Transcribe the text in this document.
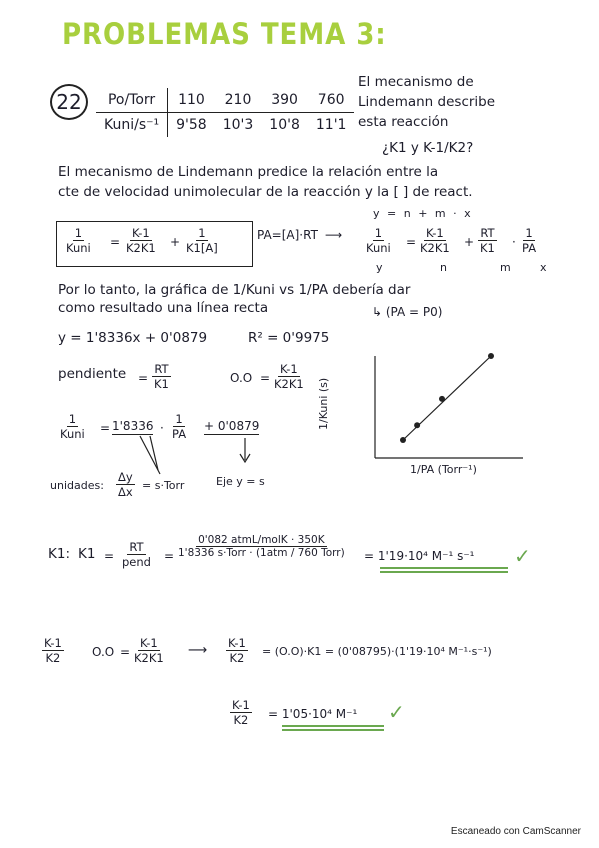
PROBLEMAS TEMA 3:
22	Po/Torr	110	210	390	760
Kuni/s⁻¹	9'58	10'3	10'8	11'1
El mecanismo de
Lindemann describe
esta reacción
¿K1 y K-1/K2?
El mecanismo de Lindemann predice la relación entre la
cte de velocidad unimolecular de la reacción y la [ ] de react.
y = n + m · x
1
Kuni = $\frac{K-1}{K2K1} + \frac{1}{K1[A]}$	PA=[A]·RT ⟶	1
Kuni = $\frac{K-1}{K2K1} + \frac{RT}{K1} \cdot \frac{1}{PA}$
y	n	m	x
Por lo tanto, la gráfica de 1/Kuni vs 1/PA debería dar
como resultado una línea recta	↳ (PA = P0)
y = 1'8336x + 0'0879	R² = 0'9975
pendiente = $\frac{RT}{K1}$	$O.O = \frac{K-1}{K2K1}$
1
Kuni = $1'8336 \cdot \frac{1}{PA} + 0'0879$
unidades: $\frac{\Delta y}{\Delta x}$ = s·Torr	Eje y = s
1/PA (Torr⁻¹)
1/Kuni (s)
K1: K1 =
RT
pend =
0'082 atmL/molK · 350K
1'8336 s·Torr · (1atm / 760 Torr) = 1'19·10⁴ M⁻¹ s⁻¹ ✓
$\frac{K-1}{K2} O.O = \frac{K-1}{K2K1}$ ⟶ $\frac{K-1}{K2} = (O.O)\cdot K1 = (0'08795)\cdot(1'19\cdot 10^4$ M⁻¹·s⁻¹)
$\frac{K-1}{K2} = 1'05\cdot 10^4$ M⁻¹ ✓
Escaneado con CamScanner
